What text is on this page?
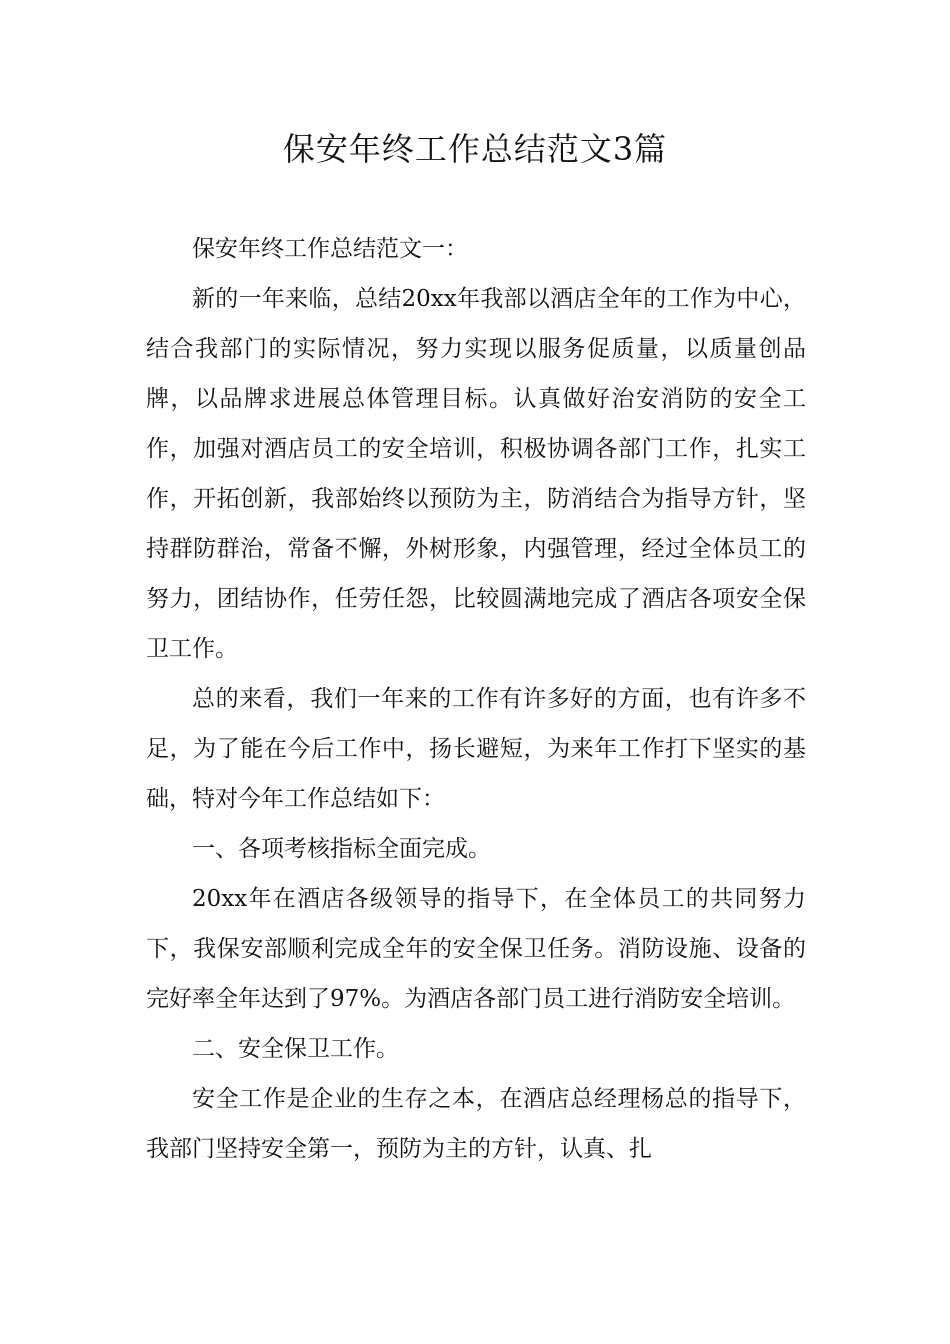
保安年终工作总结范文3篇

保安年终工作总结范文一：

新的一年来临，总结20xx年我部以酒店全年的工作为中心，结合我部门的实际情况，努力实现以服务促质量，以质量创品牌，以品牌求进展总体管理目标。认真做好治安消防的安全工作，加强对酒店员工的安全培训，积极协调各部门工作，扎实工作，开拓创新，我部始终以预防为主，防消结合为指导方针，坚持群防群治，常备不懈，外树形象，内强管理，经过全体员工的努力，团结协作，任劳任怨，比较圆满地完成了酒店各项安全保卫工作。

总的来看，我们一年来的工作有许多好的方面，也有许多不足，为了能在今后工作中，扬长避短，为来年工作打下坚实的基础，特对今年工作总结如下：

一、各项考核指标全面完成。

20xx年在酒店各级领导的指导下，在全体员工的共同努力下，我保安部顺利完成全年的安全保卫任务。消防设施、设备的完好率全年达到了97%。为酒店各部门员工进行消防安全培训。

二、安全保卫工作。

安全工作是企业的生存之本，在酒店总经理杨总的指导下，我部门坚持安全第一，预防为主的方针，认真、扎
